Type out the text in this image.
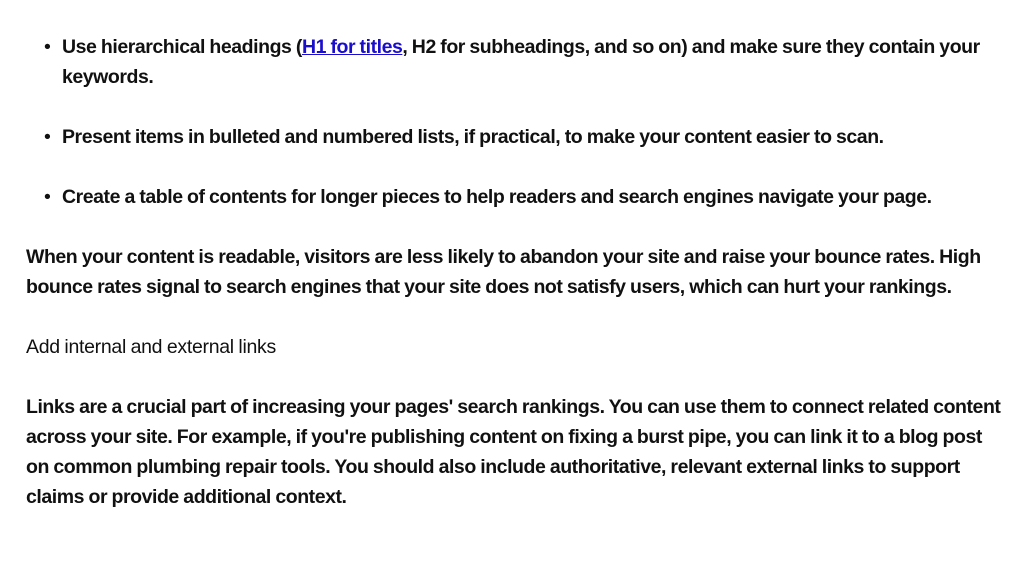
• Use hierarchical headings (H1 for titles, H2 for subheadings, and so on) and make sure they contain your keywords.
• Present items in bulleted and numbered lists, if practical, to make your content easier to scan.
• Create a table of contents for longer pieces to help readers and search engines navigate your page.

When your content is readable, visitors are less likely to abandon your site and raise your bounce rates. High bounce rates signal to search engines that your site does not satisfy users, which can hurt your rankings.

Add internal and external links

Links are a crucial part of increasing your pages' search rankings. You can use them to connect related content across your site. For example, if you're publishing content on fixing a burst pipe, you can link it to a blog post on common plumbing repair tools. You should also include authoritative, relevant external links to support claims or provide additional context.
